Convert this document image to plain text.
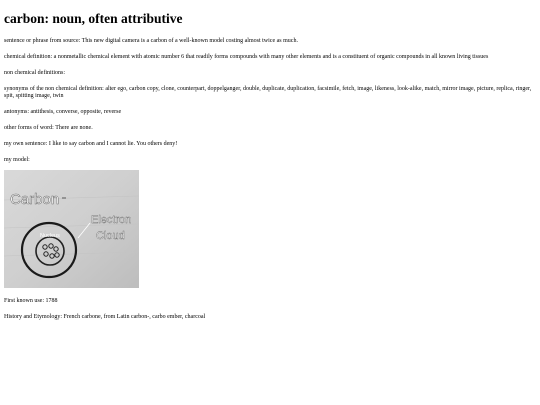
carbon: noun, often attributive

sentence or phrase from source: This new digital camera is a carbon of a well-known model costing almost twice as much.

chemical definition: a nonmetallic chemical element with atomic number 6 that readily forms compounds with many other elements and is a constituent of organic compounds in all known living tissues

non chemical definitions:

synonyms of the non chemical definition: alter ego, carbon copy, clone, counterpart, doppelganger, double, duplicate, duplication, facsimile, fetch, image, likeness, look-alike, match, mirror image, picture, replica, ringer, spit, spitting image, twin

antonyms: antithesis, converse, opposite, reverse

other forms of word: There are none.

my own sentence: I like to say carbon and I cannot lie. You others deny!

my model:

Carbon
Nucleus
Electron
Cloud

First known use: 1788

History and Etymology: French carbone, from Latin carbon-, carbo ember, charcoal
